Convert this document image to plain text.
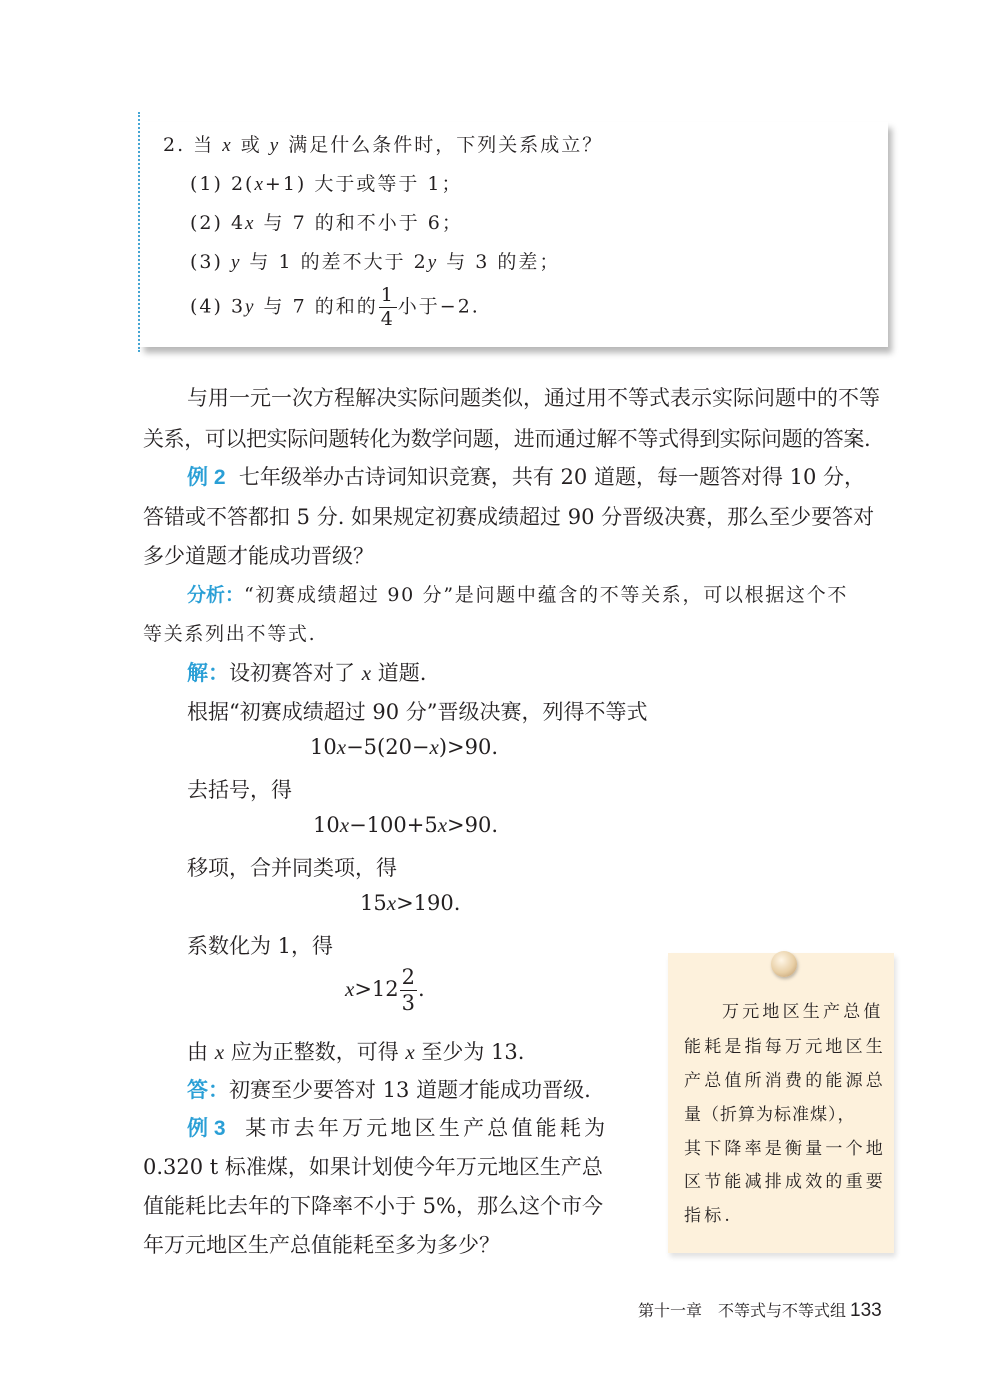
2. 当 x 或 y 满足什么条件时，下列关系成立？
(1) 2(x+1) 大于或等于 1；
(2) 4x 与 7 的和不小于 6；
(3) y 与 1 的差不大于 2y 与 3 的差；
(4) 3y 与 7 的和的 $\frac{1}{4}$ 小于−2.
与用一元一次方程解决实际问题类似，通过用不等式表示实际问题中的不等
关系，可以把实际问题转化为数学问题，进而通过解不等式得到实际问题的答案.
例 2 七年级举办古诗词知识竞赛，共有 20 道题，每一题答对得 10 分，
答错或不答都扣 5 分. 如果规定初赛成绩超过 90 分晋级决赛，那么至少要答对
多少道题才能成功晋级？
分析：“初赛成绩超过 90 分”是问题中蕴含的不等关系，可以根据这个不
等关系列出不等式.
解：设初赛答对了 x 道题.
根据“初赛成绩超过 90 分”晋级决赛，列得不等式
10x−5(20−x)>90.
去括号，得
10x−100+5x>90.
移项，合并同类项，得
15x>190.
系数化为 1，得
$x>12 \frac{2}{3}$ .
由 x 应为正整数，可得 x 至少为 13.
答：初赛至少要答对 13 道题才能成功晋级.
例 3 某市去年万元地区生产总值能耗为
0.320 t 标准煤，如果计划使今年万元地区生产总
值能耗比去年的下降率不小于 5%，那么这个市今
年万元地区生产总值能耗至多为多少？
万元地区生产总值
能耗是指每万元地区生
产总值所消费的能源总
量（折算为标准煤），
其下降率是衡量一个地
区节能减排成效的重要
指标.
第十一章　不等式与不等式组 133
